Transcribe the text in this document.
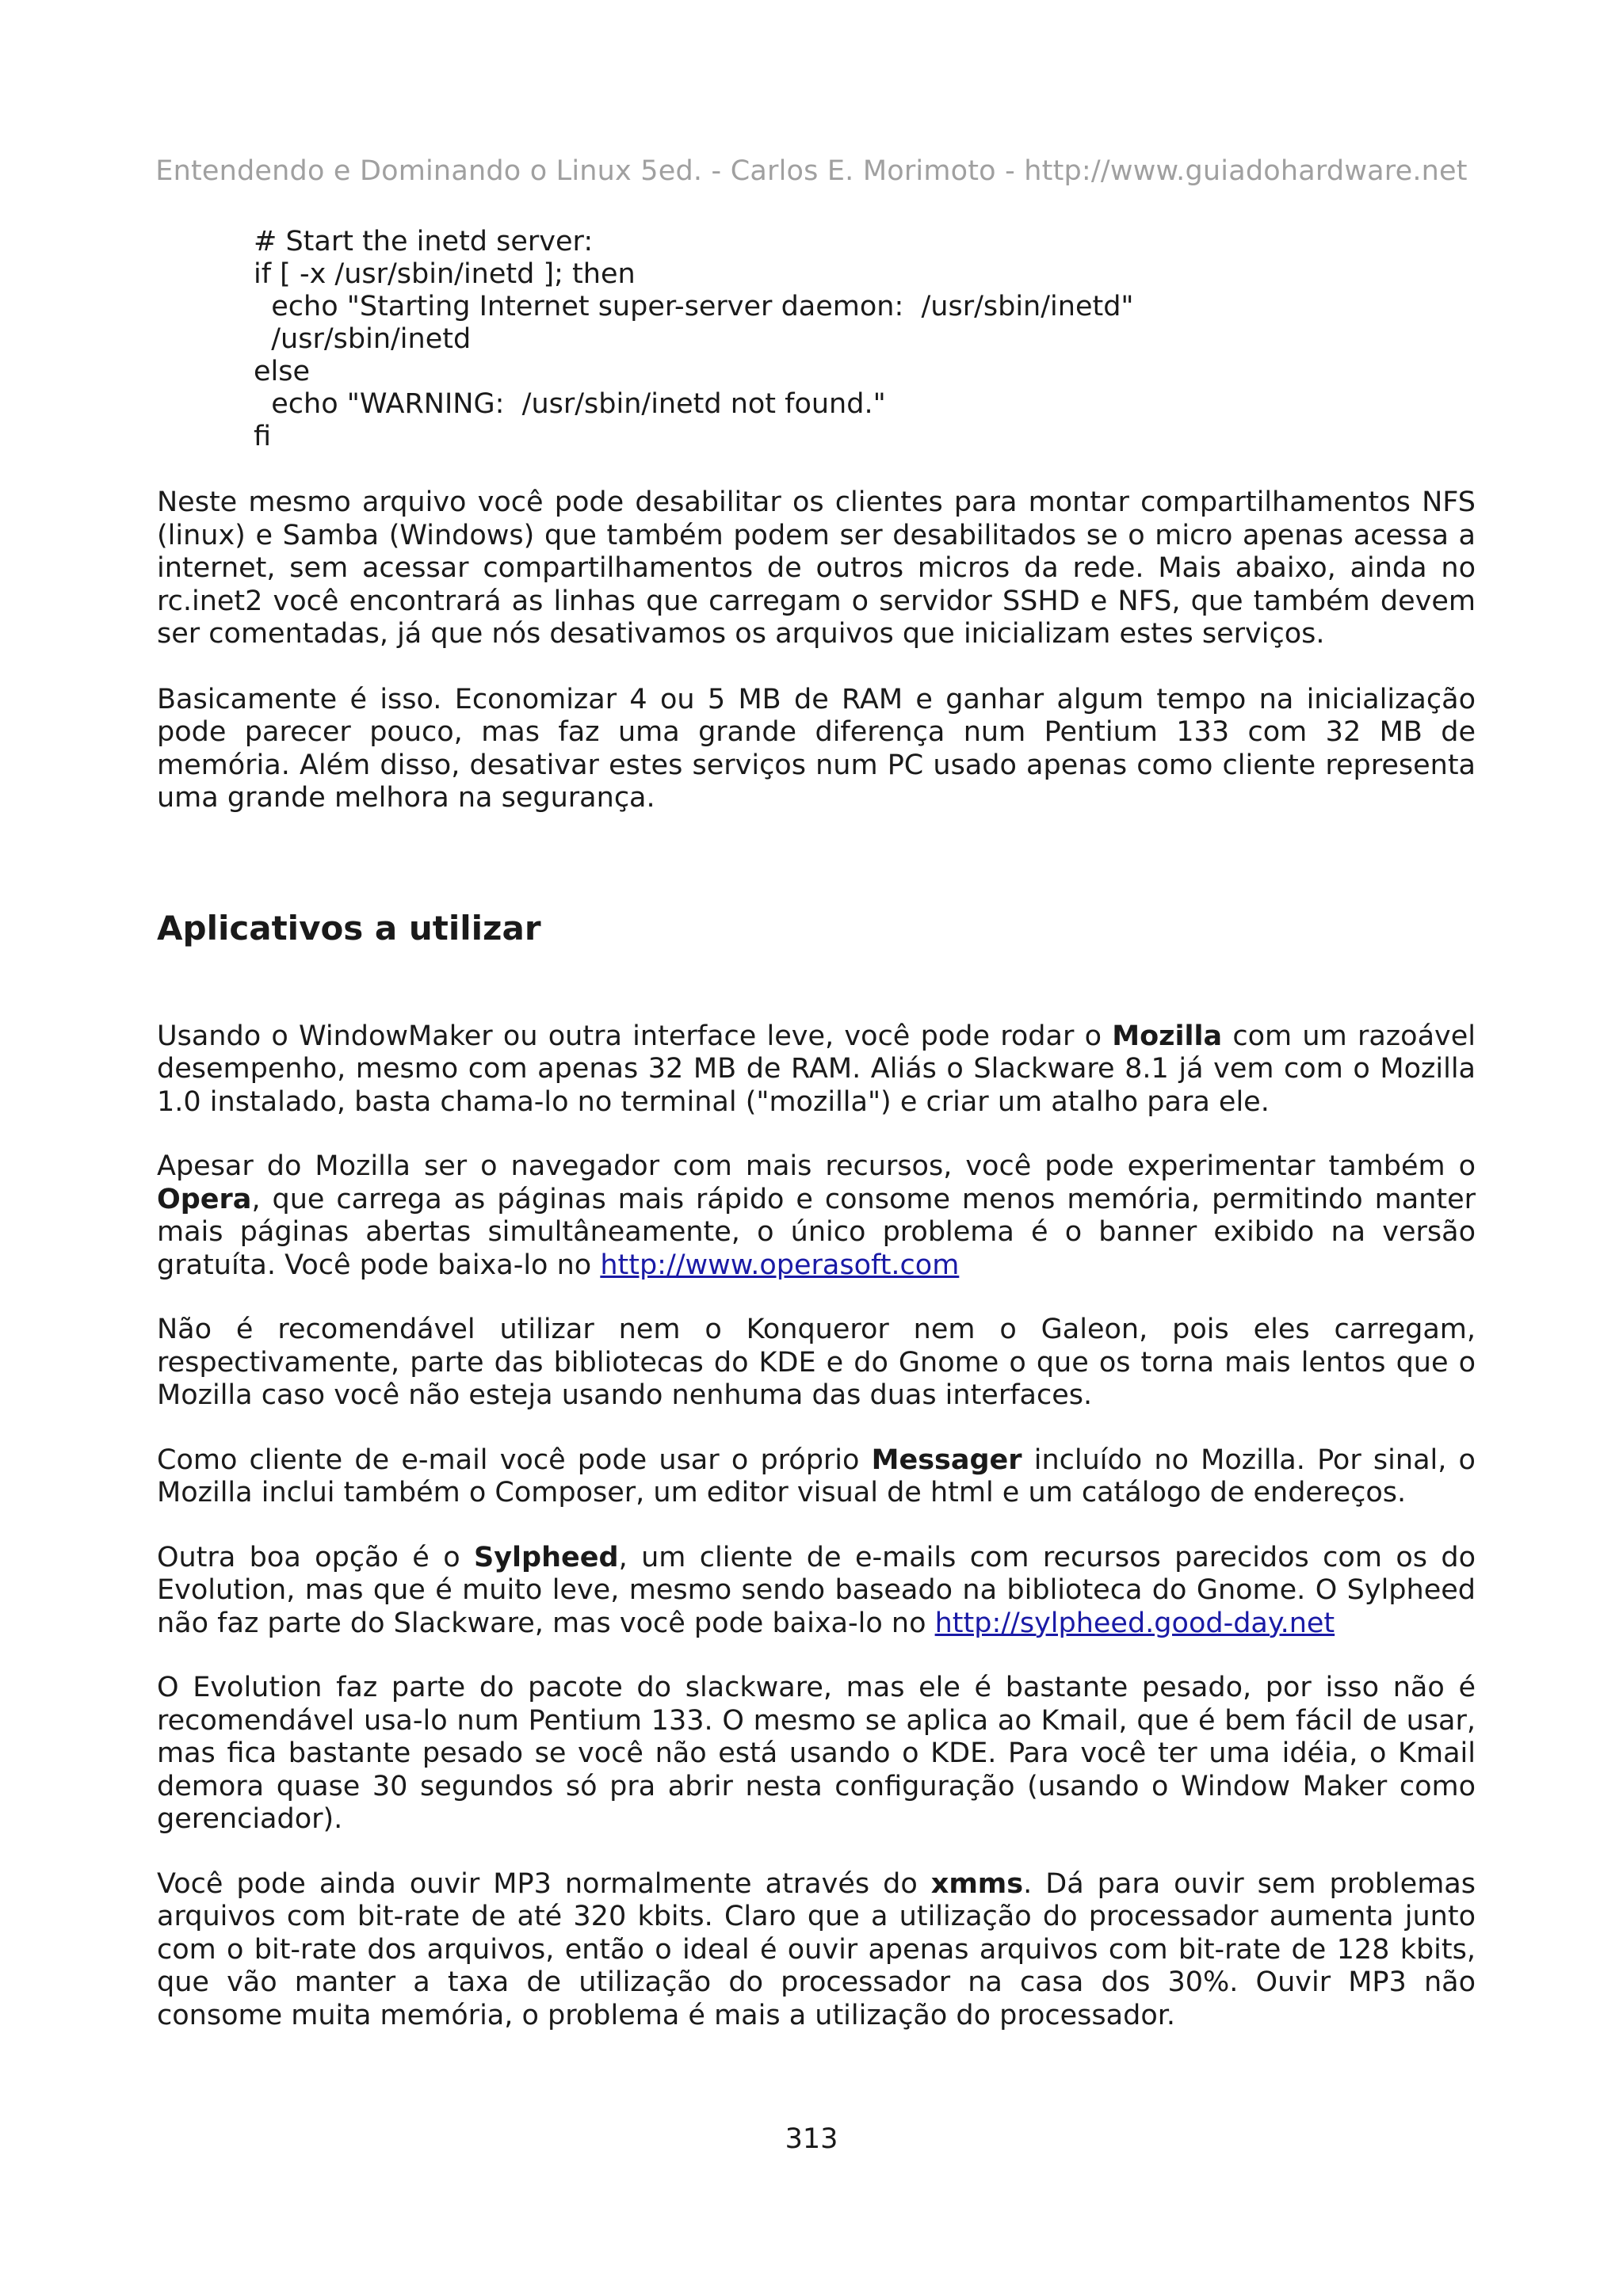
Entendendo e Dominando o Linux 5ed. - Carlos E. Morimoto - http://www.guiadohardware.net
# Start the inetd server:
if [ -x /usr/sbin/inetd ]; then
echo "Starting Internet super-server daemon:  /usr/sbin/inetd"
/usr/sbin/inetd
else
echo "WARNING:  /usr/sbin/inetd not found."
fi

Neste mesmo arquivo você pode desabilitar os clientes para montar compartilhamentos NFS (linux) e Samba (Windows) que também podem ser desabilitados se o micro apenas acessa a internet, sem acessar compartilhamentos de outros micros da rede. Mais abaixo, ainda no rc.inet2 você encontrará as linhas que carregam o servidor SSHD e NFS, que também devem ser comentadas, já que nós desativamos os arquivos que inicializam estes serviços.

Basicamente é isso. Economizar 4 ou 5 MB de RAM e ganhar algum tempo na inicialização pode parecer pouco, mas faz uma grande diferença num Pentium 133 com 32 MB de memória. Além disso, desativar estes serviços num PC usado apenas como cliente representa uma grande melhora na segurança.

Aplicativos a utilizar

Usando o WindowMaker ou outra interface leve, você pode rodar o Mozilla com um razoável desempenho, mesmo com apenas 32 MB de RAM. Aliás o Slackware 8.1 já vem com o Mozilla 1.0 instalado, basta chama-lo no terminal ("mozilla") e criar um atalho para ele.

Apesar do Mozilla ser o navegador com mais recursos, você pode experimentar também o Opera, que carrega as páginas mais rápido e consome menos memória, permitindo manter mais páginas abertas simultâneamente, o único problema é o banner exibido na versão gratuíta. Você pode baixa-lo no http://www.operasoft.com

Não é recomendável utilizar nem o Konqueror nem o Galeon, pois eles carregam, respectivamente, parte das bibliotecas do KDE e do Gnome o que os torna mais lentos que o Mozilla caso você não esteja usando nenhuma das duas interfaces.

Como cliente de e-mail você pode usar o próprio Messager incluído no Mozilla. Por sinal, o Mozilla inclui também o Composer, um editor visual de html e um catálogo de endereços.

Outra boa opção é o Sylpheed, um cliente de e-mails com recursos parecidos com os do Evolution, mas que é muito leve, mesmo sendo baseado na biblioteca do Gnome. O Sylpheed não faz parte do Slackware, mas você pode baixa-lo no http://sylpheed.good-day.net

O Evolution faz parte do pacote do slackware, mas ele é bastante pesado, por isso não é recomendável usa-lo num Pentium 133. O mesmo se aplica ao Kmail, que é bem fácil de usar, mas fica bastante pesado se você não está usando o KDE. Para você ter uma idéia, o Kmail demora quase 30 segundos só pra abrir nesta configuração (usando o Window Maker como gerenciador).

Você pode ainda ouvir MP3 normalmente através do xmms. Dá para ouvir sem problemas arquivos com bit-rate de até 320 kbits. Claro que a utilização do processador aumenta junto com o bit-rate dos arquivos, então o ideal é ouvir apenas arquivos com bit-rate de 128 kbits, que vão manter a taxa de utilização do processador na casa dos 30%. Ouvir MP3 não consome muita memória, o problema é mais a utilização do processador.

313
